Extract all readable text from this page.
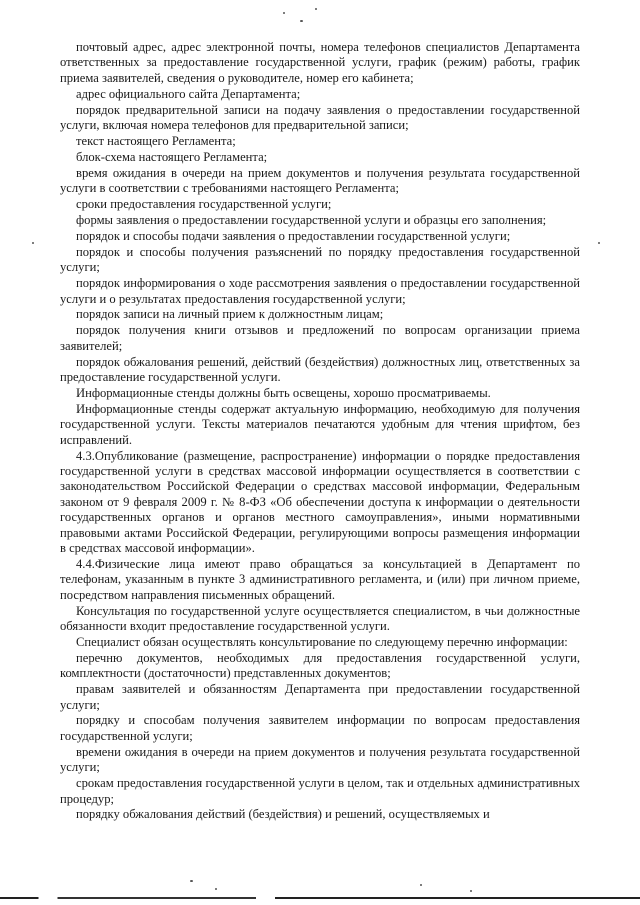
почтовый адрес, адрес электронной почты, номера телефонов специалистов Департамента ответственных за предоставление государственной услуги, график (режим) работы, график приема заявителей, сведения о руководителе, номер его кабинета;

адрес официального сайта Департамента;

порядок предварительной записи на подачу заявления о предоставлении государственной услуги, включая номера телефонов для предварительной записи;

текст настоящего Регламента;

блок-схема настоящего Регламента;

время ожидания в очереди на прием документов и получения результата государственной услуги в соответствии с требованиями настоящего Регламента;

сроки предоставления государственной услуги;

формы заявления о предоставлении государственной услуги и образцы его заполнения;

порядок и способы подачи заявления о предоставлении государственной услуги;

порядок и способы получения разъяснений по порядку предоставления государственной услуги;

порядок информирования о ходе рассмотрения заявления о предоставлении государственной услуги и о результатах предоставления государственной услуги;

порядок записи на личный прием к должностным лицам;

порядок получения книги отзывов и предложений по вопросам организации приема заявителей;

порядок обжалования решений, действий (бездействия) должностных лиц, ответственных за предоставление государственной услуги.

Информационные стенды должны быть освещены, хорошо просматриваемы.

Информационные стенды содержат актуальную информацию, необходимую для получения государственной услуги. Тексты материалов печатаются удобным для чтения шрифтом, без исправлений.

4.3.Опубликование (размещение, распространение) информации о порядке предоставления государственной услуги в средствах массовой информации осуществляется в соответствии с законодательством Российской Федерации о средствах массовой информации, Федеральным законом от 9 февраля 2009 г. № 8-ФЗ «Об обеспечении доступа к информации о деятельности государственных органов и органов местного самоуправления», иными нормативными правовыми актами Российской Федерации, регулирующими вопросы размещения информации в средствах массовой информации».

4.4.Физические лица имеют право обращаться за консультацией в Департамент по телефонам, указанным в пункте 3 административного регламента, и (или) при личном приеме, посредством направления письменных обращений.

Консультация по государственной услуге осуществляется специалистом, в чьи должностные обязанности входит предоставление государственной услуги.

Специалист обязан осуществлять консультирование по следующему перечню информации:

перечню документов, необходимых для предоставления государственной услуги, комплектности (достаточности) представленных документов;

правам заявителей и обязанностям Департамента при предоставлении государственной услуги;

порядку и способам получения заявителем информации по вопросам предоставления государственной услуги;

времени ожидания в очереди на прием документов и получения результата государственной услуги;

срокам предоставления государственной услуги в целом, так и отдельных административных процедур;

порядку обжалования действий (бездействия) и решений, осуществляемых и
